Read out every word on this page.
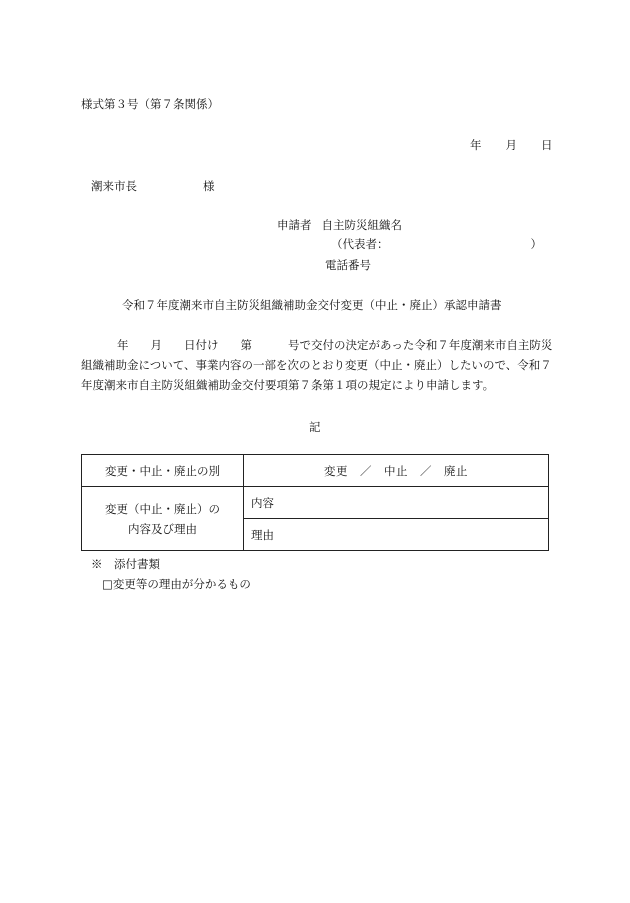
様式第３号（第７条関係）
年 月 日
潮来市長	様
申請者 自主防災組織名
（代表者：	）
電話番号
令和７年度潮来市自主防災組織補助金交付変更（中止・廃止）承認申請書
年 月 日付け 第	号で交付の決定があった令和７年度潮来市自主防災組織補助金について、事業内容の一部を次のとおり変更（中止・廃止）したいので、令和７年度潮来市自主防災組織補助金交付要項第７条第１項の規定により申請します。
記
変更・中止・廃止の別	変更　／　中止　／　廃止

変更（中止・廃止）の
内容及び理由	内容
	理由
※　添付書類
□変更等の理由が分かるもの
